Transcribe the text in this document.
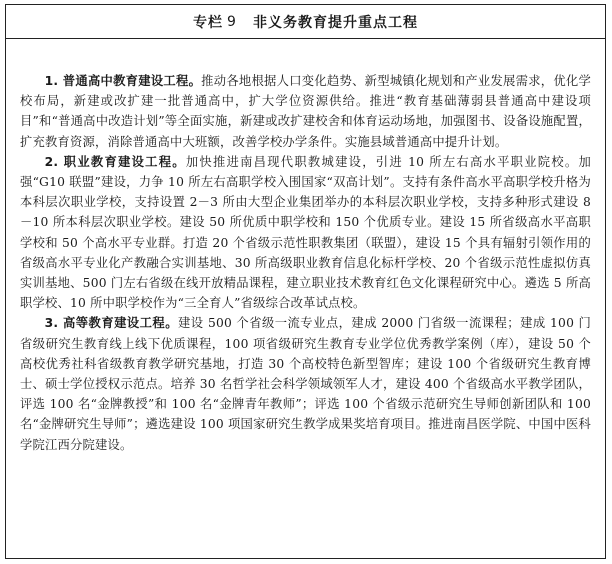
专栏 9 非义务教育提升重点工程

1. 普通高中教育建设工程。推动各地根据人口变化趋势、新型城镇化规划和产业发展需求，优化学校布局，新建或改扩建一批普通高中，扩大学位资源供给。推进“教育基础薄弱县普通高中建设项目”和“普通高中改造计划”等全面实施，新建或改扩建校舍和体育运动场地，加强图书、设备设施配置，扩充教育资源，消除普通高中大班额，改善学校办学条件。实施县域普通高中提升计划。

2. 职业教育建设工程。加快推进南昌现代职教城建设，引进 10 所左右高水平职业院校。加强“G10 联盟”建设，力争 10 所左右高职学校入围国家“双高计划”。支持有条件高水平高职学校升格为本科层次职业学校，支持设置 2－3 所由大型企业集团举办的本科层次职业学校，支持多种形式建设 8－10 所本科层次职业学校。建设 50 所优质中职学校和 150 个优质专业。建设 15 所省级高水平高职学校和 50 个高水平专业群。打造 20 个省级示范性职教集团（联盟），建设 15 个具有辐射引领作用的省级高水平专业化产教融合实训基地、30 所高级职业教育信息化标杆学校、20 个省级示范性虚拟仿真实训基地、500 门左右省级在线开放精品课程，建立职业技术教育红色文化课程研究中心。遴选 5 所高职学校、10 所中职学校作为“三全育人”省级综合改革试点校。

3. 高等教育建设工程。建设 500 个省级一流专业点，建成 2000 门省级一流课程；建成 100 门省级研究生教育线上线下优质课程，100 项省级研究生教育专业学位优秀教学案例（库），建设 50 个高校优秀社科省级教育教学研究基地，打造 30 个高校特色新型智库；建设 100 个省级研究生教育博士、硕士学位授权示范点。培养 30 名哲学社会科学领域领军人才，建设 400 个省级高水平教学团队，评选 100 名“金牌教授”和 100 名“金牌青年教师”；评选 100 个省级示范研究生导师创新团队和 100 名“金牌研究生导师”；遴选建设 100 项国家研究生教学成果奖培育项目。推进南昌医学院、中国中医科学院江西分院建设。
